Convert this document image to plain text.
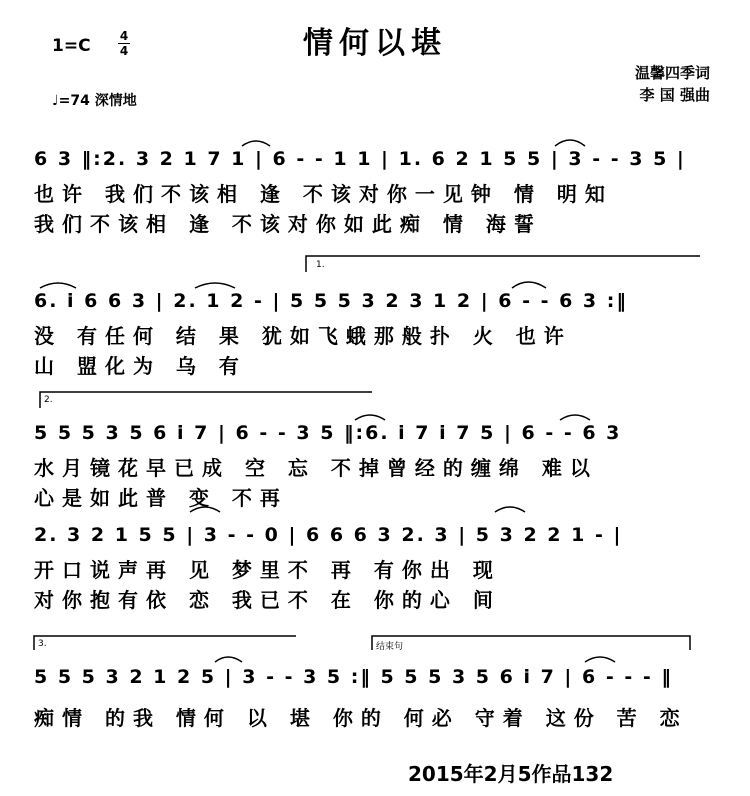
情何以堪
1=C 4
4
♩=74 深情地
温馨四季词
李 国 强曲
1.
2.
3.	结束句
6 3 ‖:2. 3 2 1 7 1 | 6 - - 1 1 | 1. 6 2 1 5 5 | 3 - - 3 5 |
也许 我们不该相 逢 不该对你一见钟 情 明知
我们不该相 逢 不该对你如此痴 情 海誓
6. i 6 6 3 | 2. 1 2 - | 5 5 5 3 2 3 1 2 | 6 - - 6 3 :‖
没 有任何 结 果 犹如飞蛾那般扑 火 也许
山 盟化为 乌 有
5 5 5 3 5 6 i 7 | 6 - - 3 5 ‖:6. i 7 i 7 5 | 6 - - 6 3
水月镜花早已成 空 忘 不掉曾经的缠绵 难以
心是如此普 变 不再
2. 3 2 1 5 5 | 3 - - 0 | 6 6 6 3 2. 3 | 5 3 2 2 1 - |
开口说声再 见 梦里不 再 有你出 现
对你抱有依 恋 我已不 在 你的心 间
5 5 5 3 2 1 2 5 | 3 - - 3 5 :‖ 5 5 5 3 5 6 i 7 | 6 - - - ‖
痴情 的我 情何 以 堪 你的 何必 守着 这份 苦 恋
2015年2月5作品132
